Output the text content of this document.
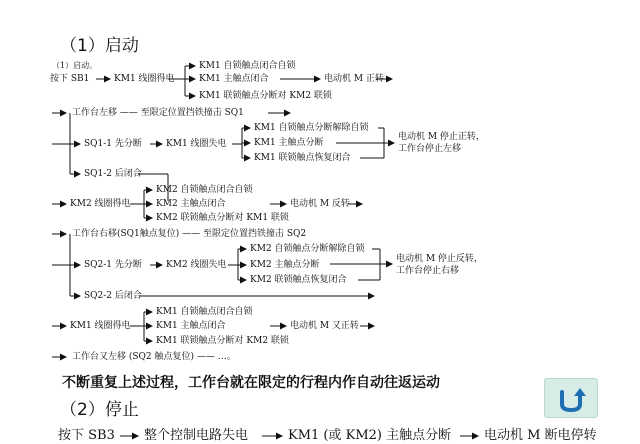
（1）启动
（1）启动。
按下 SB1	KM1 线圈得电
KM1 自锁触点闭合自锁
KM1 主触点闭合
KM1 联锁触点分断对 KM2 联锁
电动机 M 正转
工作台左移 —— 至限定位置挡铁撞击 SQ1
SQ1-1 先分断	KM1 线圈失电
KM1 自锁触点分断解除自锁
KM1 主触点分断
KM1 联锁触点恢复闭合
电动机 M 停止正转，
工作台停止左移
SQ1-2 后闭合
KM2 线圈得电
KM2 自锁触点闭合自锁
KM2 主触点闭合
KM2 联锁触点分断对 KM1 联锁
电动机 M 反转
工作台右移(SQ1触点复位) —— 至限定位置挡铁撞击 SQ2
SQ2-1 先分断	KM2 线圈失电
KM2 自锁触点分断解除自锁
KM2 主触点分断
KM2 联锁触点恢复闭合
电动机 M 停止反转，
工作台停止右移
SQ2-2 后闭合
KM1 线圈得电
KM1 自锁触点闭合自锁
KM1 主触点闭合
KM1 联锁触点分断对 KM2 联锁
电动机 M 又正转
工作台又左移 (SQ2 触点复位) —— …。
不断重复上述过程，工作台就在限定的行程内作自动往返运动
（2）停止
按下 SB3 整个控制电路失电	KM1 (或 KM2) 主触点分断	电动机 M 断电停转
